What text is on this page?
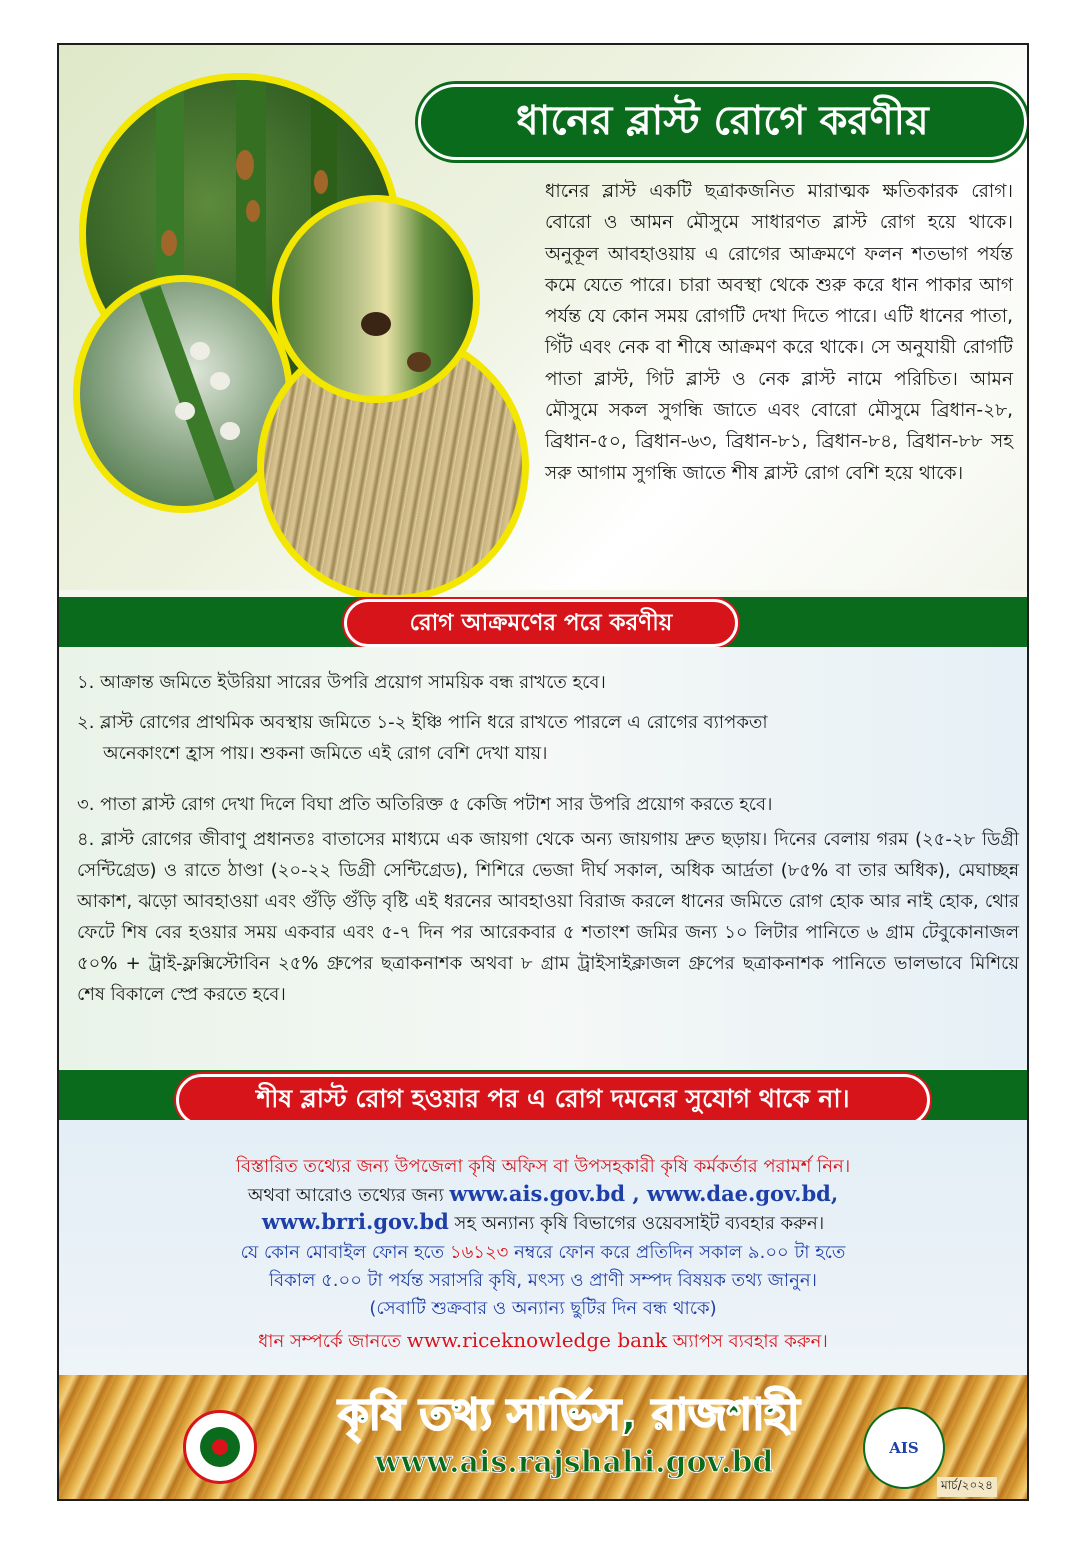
ধানের ব্লাস্ট রোগে করণীয়
ধানের ব্লাস্ট একটি ছত্রাকজনিত মারাত্মক ক্ষতিকারক রোগ। বোরো ও আমন মৌসুমে সাধারণত ব্লাস্ট রোগ হয়ে থাকে। অনুকূল আবহাওয়ায় এ রোগের আক্রমণে ফলন শতভাগ পর্যন্ত কমে যেতে পারে। চারা অবস্থা থেকে শুরু করে ধান পাকার আগ পর্যন্ত যে কোন সময় রোগটি দেখা দিতে পারে। এটি ধানের পাতা, গিঁট এবং নেক বা শীষে আক্রমণ করে থাকে। সে অনুযায়ী রোগটি পাতা ব্লাস্ট, গিট ব্লাস্ট ও নেক ব্লাস্ট নামে পরিচিত। আমন মৌসুমে সকল সুগন্ধি জাতে এবং বোরো মৌসুমে ব্রিধান-২৮, ব্রিধান-৫০, ব্রিধান-৬৩, ব্রিধান-৮১, ব্রিধান-৮৪, ব্রিধান-৮৮ সহ সরু আগাম সুগন্ধি জাতে শীষ ব্লাস্ট রোগ বেশি হয়ে থাকে।
রোগ আক্রমণের পরে করণীয়
১. আক্রান্ত জমিতে ইউরিয়া সারের উপরি প্রয়োগ সাময়িক বন্ধ রাখতে হবে।
২. ব্লাস্ট রোগের প্রাথমিক অবস্থায় জমিতে ১-২ ইঞ্চি পানি ধরে রাখতে পারলে এ রোগের ব্যাপকতা
অনেকাংশে হ্রাস পায়। শুকনা জমিতে এই রোগ বেশি দেখা যায়।
৩. পাতা ব্লাস্ট রোগ দেখা দিলে বিঘা প্রতি অতিরিক্ত ৫ কেজি পটাশ সার উপরি প্রয়োগ করতে হবে।
৪. ব্লাস্ট রোগের জীবাণু প্রধানতঃ বাতাসের মাধ্যমে এক জায়গা থেকে অন্য জায়গায় দ্রুত ছড়ায়। দিনের বেলায় গরম (২৫-২৮ ডিগ্রী সেন্টিগ্রেড) ও রাতে ঠাণ্ডা (২০-২২ ডিগ্রী সেন্টিগ্রেড), শিশিরে ভেজা দীর্ঘ সকাল, অধিক আর্দ্রতা (৮৫% বা তার অধিক), মেঘাচ্ছন্ন আকাশ, ঝড়ো আবহাওয়া এবং গুঁড়ি গুঁড়ি বৃষ্টি এই ধরনের আবহাওয়া বিরাজ করলে ধানের জমিতে রোগ হোক আর নাই হোক, থোর ফেটে শিষ বের হওয়ার সময় একবার এবং ৫-৭ দিন পর আরেকবার ৫ শতাংশ জমির জন্য ১০ লিটার পানিতে ৬ গ্রাম টেবুকোনাজল ৫০% + ট্রাই-ফ্লক্সিস্টোবিন ২৫% গ্রুপের ছত্রাকনাশক অথবা ৮ গ্রাম ট্রাইসাইক্লাজল গ্রুপের ছত্রাকনাশক পানিতে ভালভাবে মিশিয়ে শেষ বিকালে স্প্রে করতে হবে।
শীষ ব্লাস্ট রোগ হওয়ার পর এ রোগ দমনের সুযোগ থাকে না।
বিস্তারিত তথ্যের জন্য উপজেলা কৃষি অফিস বা উপসহকারী কৃষি কর্মকর্তার পরামর্শ নিন।
অথবা আরোও তথ্যের জন্য www.ais.gov.bd , www.dae.gov.bd,
www.brri.gov.bd সহ অন্যান্য কৃষি বিভাগের ওয়েবসাইট ব্যবহার করুন।
যে কোন মোবাইল ফোন হতে ১৬১২৩ নম্বরে ফোন করে প্রতিদিন সকাল ৯.০০ টা হতে
বিকাল ৫.০০ টা পর্যন্ত সরাসরি কৃষি, মৎস্য ও প্রাণী সম্পদ বিষয়ক তথ্য জানুন।
(সেবাটি শুক্রবার ও অন্যান্য ছুটির দিন বন্ধ থাকে)
ধান সম্পর্কে জানতে www.riceknowledge bank অ্যাপস ব্যবহার করুন।
কৃষি তথ্য সার্ভিস, রাজশাহী
www.ais.rajshahi.gov.bd	AIS
মার্চ/২০২৪
